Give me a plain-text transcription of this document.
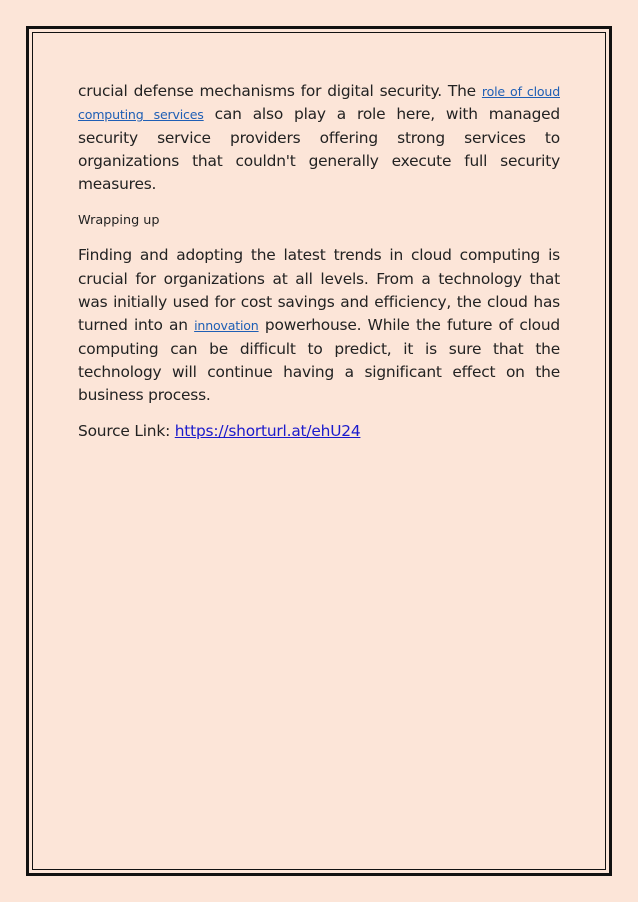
crucial defense mechanisms for digital security. The role of cloud computing services can also play a role here, with managed security service providers offering strong services to organizations that couldn't generally execute full security measures.

Wrapping up

Finding and adopting the latest trends in cloud computing is crucial for organizations at all levels. From a technology that was initially used for cost savings and efficiency, the cloud has turned into an innovation powerhouse. While the future of cloud computing can be difficult to predict, it is sure that the technology will continue having a significant effect on the business process.

Source Link: https://shorturl.at/ehU24
